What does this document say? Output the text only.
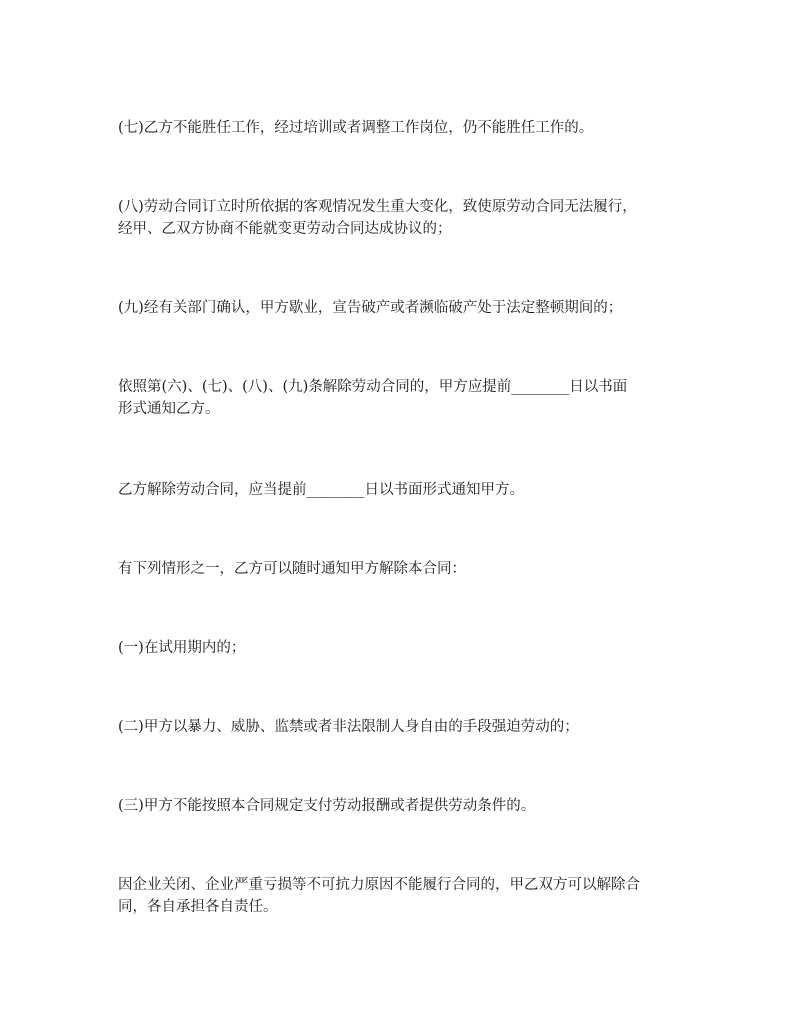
(七)乙方不能胜任工作，经过培训或者调整工作岗位，仍不能胜任工作的。

(八)劳动合同订立时所依据的客观情况发生重大变化，致使原劳动合同无法履行，
经甲、乙双方协商不能就变更劳动合同达成协议的；

(九)经有关部门确认，甲方歇业，宣告破产或者濒临破产处于法定整顿期间的；

依照第(六)、(七)、(八)、(九)条解除劳动合同的，甲方应提前________日以书面
形式通知乙方。

乙方解除劳动合同，应当提前________日以书面形式通知甲方。

有下列情形之一，乙方可以随时通知甲方解除本合同：

(一)在试用期内的；

(二)甲方以暴力、威胁、监禁或者非法限制人身自由的手段强迫劳动的；

(三)甲方不能按照本合同规定支付劳动报酬或者提供劳动条件的。

因企业关闭、企业严重亏损等不可抗力原因不能履行合同的，甲乙双方可以解除合
同，各自承担各自责任。
